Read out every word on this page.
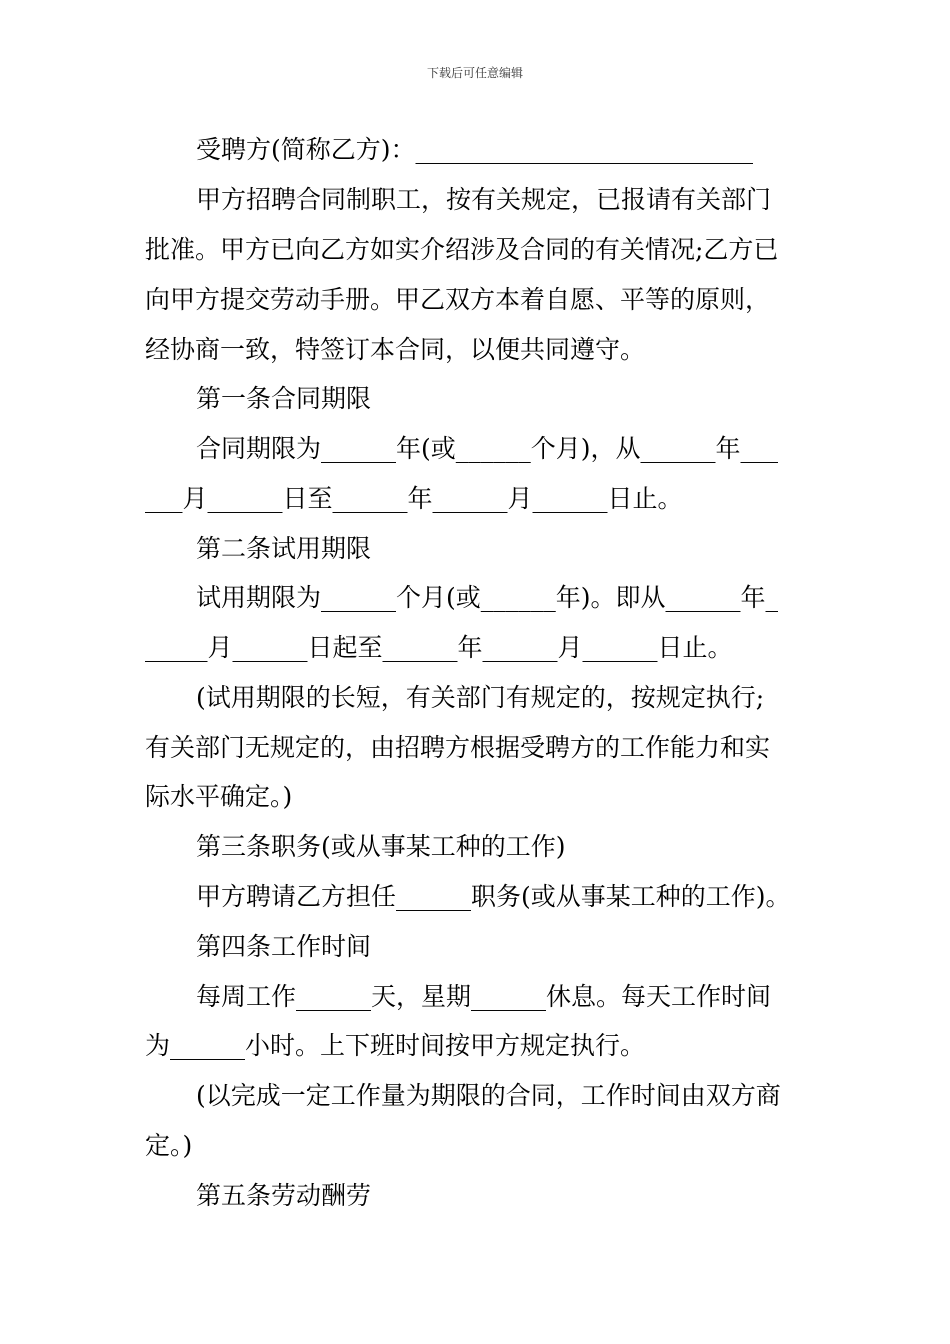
下载后可任意编辑
受聘方(简称乙方)：___________________________
甲方招聘合同制职工，按有关规定，已报请有关部门
批准。甲方已向乙方如实介绍涉及合同的有关情况;乙方已
向甲方提交劳动手册。甲乙双方本着自愿、平等的原则，
经协商一致，特签订本合同，以便共同遵守。
第一条合同期限
合同期限为______年(或______个月)，从______年___
___月______日至______年______月______日止。
第二条试用期限
试用期限为______个月(或______年)。即从______年_
_____月______日起至______年______月______日止。
(试用期限的长短，有关部门有规定的，按规定执行;
有关部门无规定的，由招聘方根据受聘方的工作能力和实
际水平确定。)
第三条职务(或从事某工种的工作)
甲方聘请乙方担任______职务(或从事某工种的工作)。
第四条工作时间
每周工作______天，星期______休息。每天工作时间
为______小时。上下班时间按甲方规定执行。
(以完成一定工作量为期限的合同，工作时间由双方商
定。)
第五条劳动酬劳
